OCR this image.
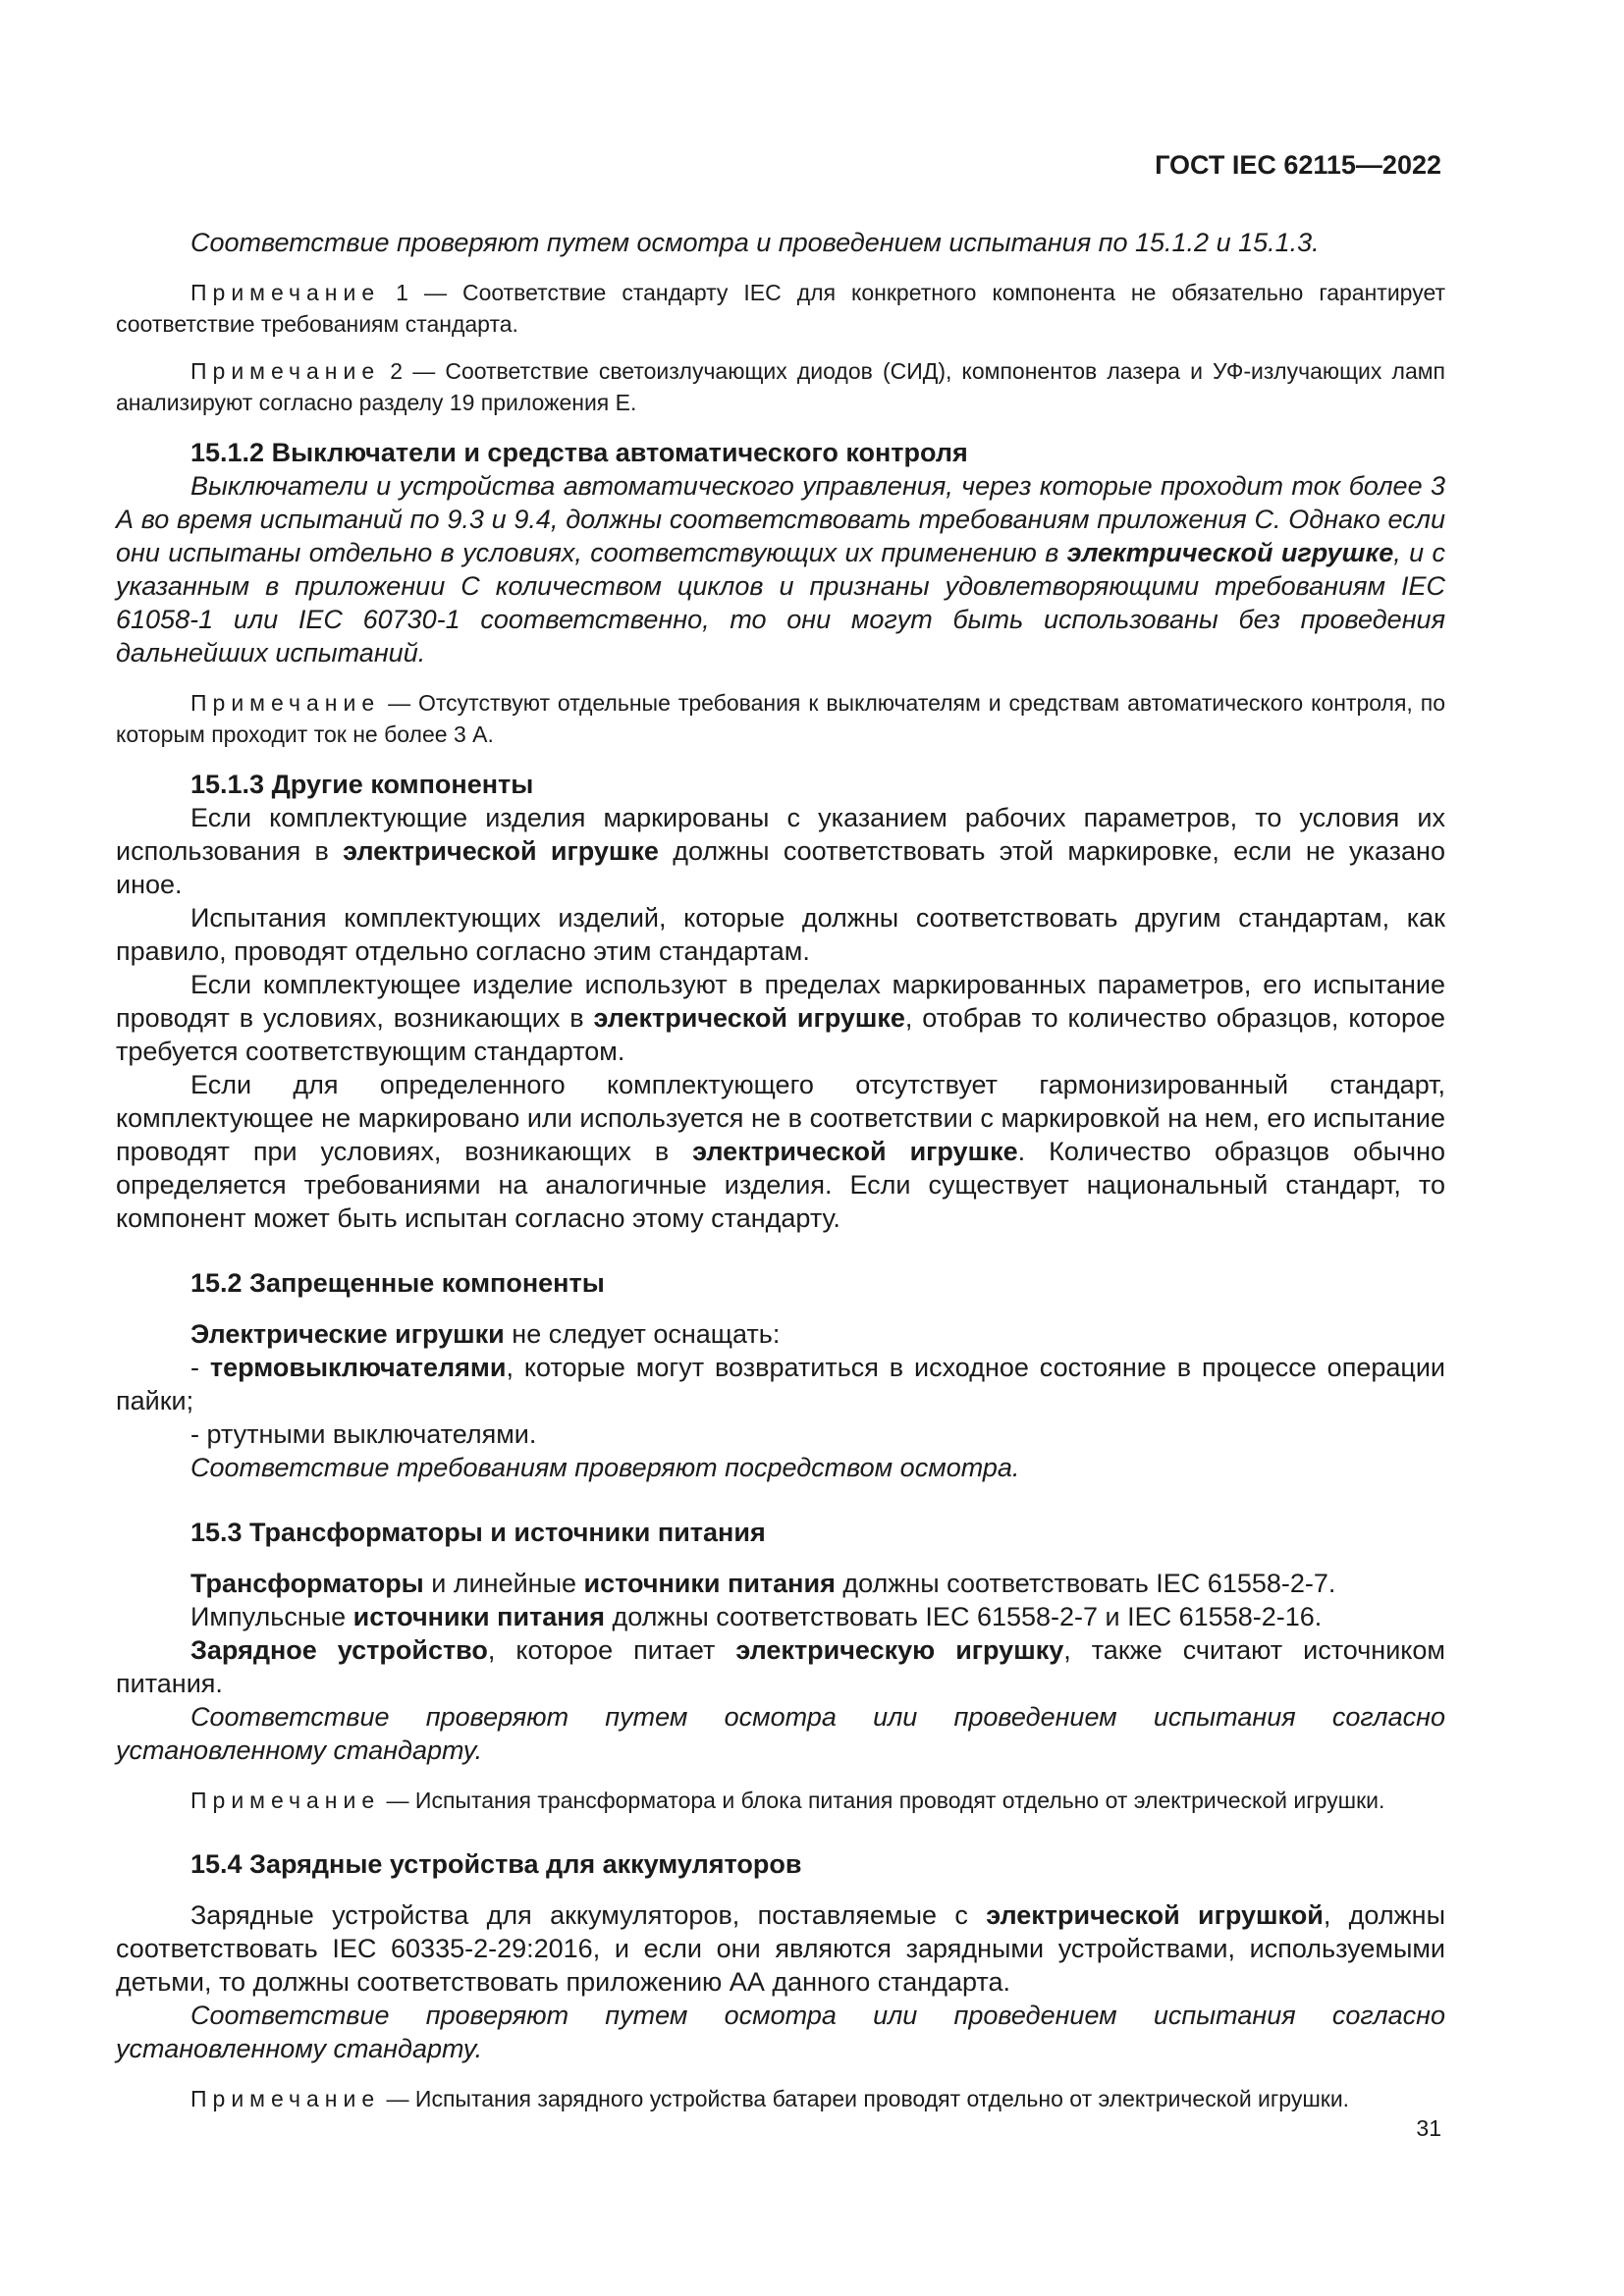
ГОСТ IEC 62115—2022

Соответствие проверяют путем осмотра и проведением испытания по 15.1.2 и 15.1.3.

Примечание 1 — Соответствие стандарту IEC для конкретного компонента не обязательно гарантирует соответствие требованиям стандарта.

Примечание 2 — Соответствие светоизлучающих диодов (СИД), компонентов лазера и УФ-излучающих ламп анализируют согласно разделу 19 приложения Е.

15.1.2 Выключатели и средства автоматического контроля

Выключатели и устройства автоматического управления, через которые проходит ток более 3 А во время испытаний по 9.3 и 9.4, должны соответствовать требованиям приложения С. Однако если они испытаны отдельно в условиях, соответствующих их применению в электрической игрушке, и с указанным в приложении С количеством циклов и признаны удовлетворяющими требованиям IEC 61058-1 или IEC 60730-1 соответственно, то они могут быть использованы без проведения дальнейших испытаний.

Примечание — Отсутствуют отдельные требования к выключателям и средствам автоматического контроля, по которым проходит ток не более 3 А.

15.1.3 Другие компоненты

Если комплектующие изделия маркированы с указанием рабочих параметров, то условия их использования в электрической игрушке должны соответствовать этой маркировке, если не указано иное.

Испытания комплектующих изделий, которые должны соответствовать другим стандартам, как правило, проводят отдельно согласно этим стандартам.

Если комплектующее изделие используют в пределах маркированных параметров, его испытание проводят в условиях, возникающих в электрической игрушке, отобрав то количество образцов, которое требуется соответствующим стандартом.

Если для определенного комплектующего отсутствует гармонизированный стандарт, комплектующее не маркировано или используется не в соответствии с маркировкой на нем, его испытание проводят при условиях, возникающих в электрической игрушке. Количество образцов обычно определяется требованиями на аналогичные изделия. Если существует национальный стандарт, то компонент может быть испытан согласно этому стандарту.

15.2 Запрещенные компоненты

Электрические игрушки не следует оснащать:

- термовыключателями, которые могут возвратиться в исходное состояние в процессе операции пайки;

- ртутными выключателями.

Соответствие требованиям проверяют посредством осмотра.

15.3 Трансформаторы и источники питания

Трансформаторы и линейные источники питания должны соответствовать IEC 61558-2-7.

Импульсные источники питания должны соответствовать IEC 61558-2-7 и IEC 61558-2-16.

Зарядное устройство, которое питает электрическую игрушку, также считают источником питания.

Соответствие проверяют путем осмотра или проведением испытания согласно установленному стандарту.

Примечание — Испытания трансформатора и блока питания проводят отдельно от электрической игрушки.

15.4 Зарядные устройства для аккумуляторов

Зарядные устройства для аккумуляторов, поставляемые с электрической игрушкой, должны соответствовать IEC 60335-2-29:2016, и если они являются зарядными устройствами, используемыми детьми, то должны соответствовать приложению АА данного стандарта.

Соответствие проверяют путем осмотра или проведением испытания согласно установленному стандарту.

Примечание — Испытания зарядного устройства батареи проводят отдельно от электрической игрушки.

31
